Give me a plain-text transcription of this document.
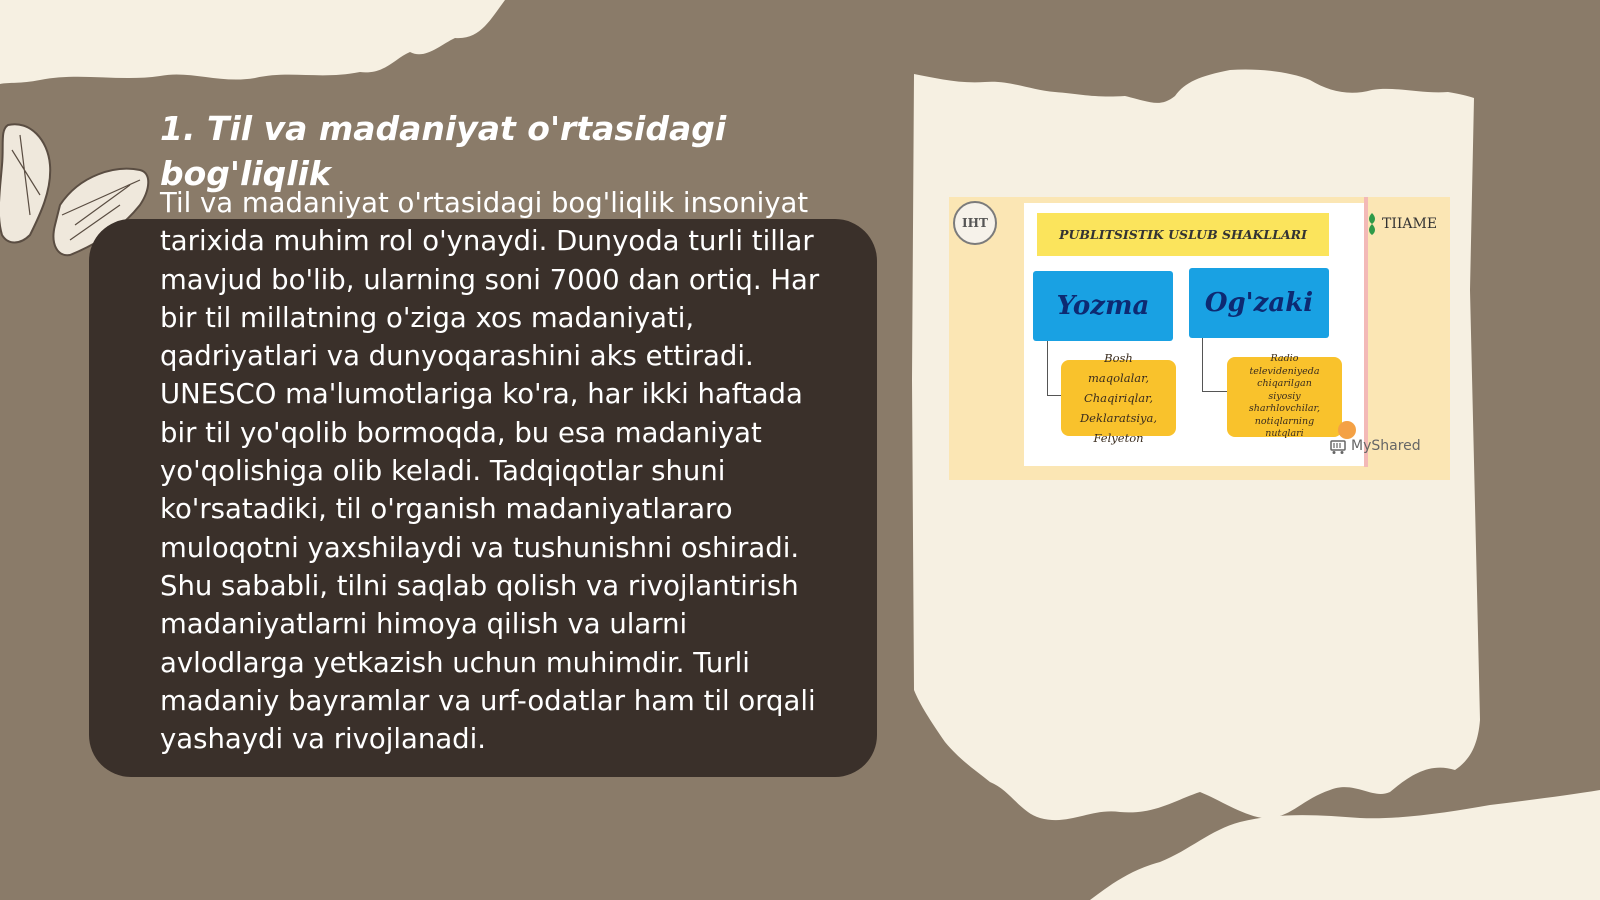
1. Til va madaniyat o'rtasidagi bog'liqlik

Til va madaniyat o'rtasidagi bog'liqlik insoniyat tarixida muhim rol o'ynaydi. Dunyoda turli tillar mavjud bo'lib, ularning soni 7000 dan ortiq. Har bir til millatning o'ziga xos madaniyati, qadriyatlari va dunyoqarashini aks ettiradi. UNESCO ma'lumotlariga ko'ra, har ikki haftada bir til yo'qolib bormoqda, bu esa madaniyat yo'qolishiga olib keladi. Tadqiqotlar shuni ko'rsatadiki, til o'rganish madaniyatlararo muloqotni yaxshilaydi va tushunishni oshiradi. Shu sababli, tilni saqlab qolish va rivojlantirish madaniyatlarni himoya qilish va ularni avlodlarga yetkazish uchun muhimdir. Turli madaniy bayramlar va urf-odatlar ham til orqali yashaydi va rivojlanadi.

IHT
PUBLITSISTIK USLUB SHAKLLARI
Yozma	Og'zaki
Bosh
maqolalar,
Chaqiriqlar,
Deklaratsiya,
Felyeton
Radio
televideniyeda
chiqarilgan
siyosiy
sharhlovchilar,
notiqlarning
nutqlari
TIIAME
MyShared
